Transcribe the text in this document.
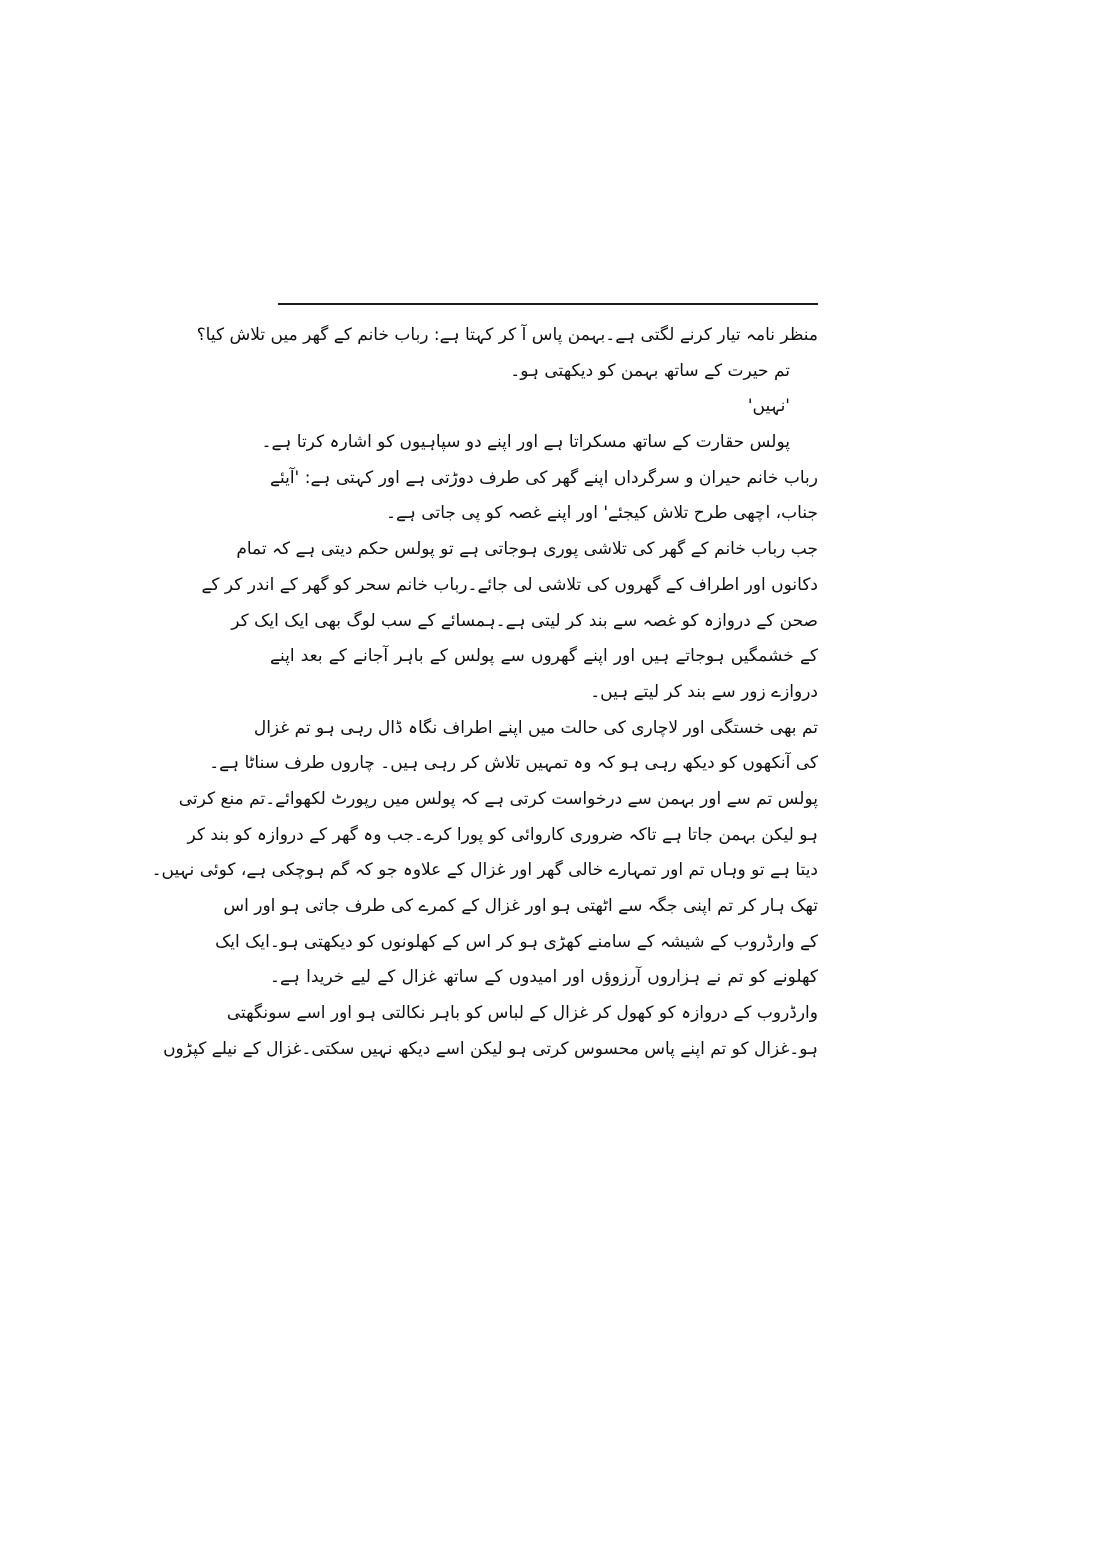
منظر نامہ تیار کرنے لگتی ہے۔بہمن پاس آ کر کہتا ہے: رباب خانم کے گھر میں تلاش کیا؟
تم حیرت کے ساتھ بہمن کو دیکھتی ہو۔
'نہیں'
پولس حقارت کے ساتھ مسکراتا ہے اور اپنے دو سپاہیوں کو اشارہ کرتا ہے۔
رباب خانم حیران و سرگرداں اپنے گھر کی طرف دوڑتی ہے اور کہتی ہے: 'آیئے
جناب، اچھی طرح تلاش کیجئے' اور اپنے غصہ کو پی جاتی ہے۔
جب رباب خانم کے گھر کی تلاشی پوری ہوجاتی ہے تو پولس حکم دیتی ہے کہ تمام
دکانوں اور اطراف کے گھروں کی تلاشی لی جائے۔رباب خانم سحر کو گھر کے اندر کر کے
صحن کے دروازہ کو غصہ سے بند کر لیتی ہے۔ہمسائے کے سب لوگ بھی ایک ایک کر
کے خشمگیں ہوجاتے ہیں اور اپنے گھروں سے پولس کے باہر آجانے کے بعد اپنے
دروازے زور سے بند کر لیتے ہیں۔
تم بھی خستگی اور لاچاری کی حالت میں اپنے اطراف نگاہ ڈال رہی ہو تم غزال
کی آنکھوں کو دیکھ رہی ہو کہ وہ تمہیں تلاش کر رہی ہیں۔ چاروں طرف سناٹا ہے۔
پولس تم سے اور بہمن سے درخواست کرتی ہے کہ پولس میں رپورٹ لکھوائے۔تم منع کرتی
ہو لیکن بہمن جاتا ہے تاکہ ضروری کاروائی کو پورا کرے۔جب وہ گھر کے دروازہ کو بند کر
دیتا ہے تو وہاں تم اور تمہارے خالی گھر اور غزال کے علاوہ جو کہ گم ہوچکی ہے، کوئی نہیں۔
تھک ہار کر تم اپنی جگہ سے اٹھتی ہو اور غزال کے کمرے کی طرف جاتی ہو اور اس
کے وارڈروب کے شیشہ کے سامنے کھڑی ہو کر اس کے کھلونوں کو دیکھتی ہو۔ایک ایک
کھلونے کو تم نے ہزاروں آرزوؤں اور امیدوں کے ساتھ غزال کے لیے خریدا ہے۔
وارڈروب کے دروازہ کو کھول کر غزال کے لباس کو باہر نکالتی ہو اور اسے سونگھتی
ہو۔غزال کو تم اپنے پاس محسوس کرتی ہو لیکن اسے دیکھ نہیں سکتی۔غزال کے نیلے کپڑوں
